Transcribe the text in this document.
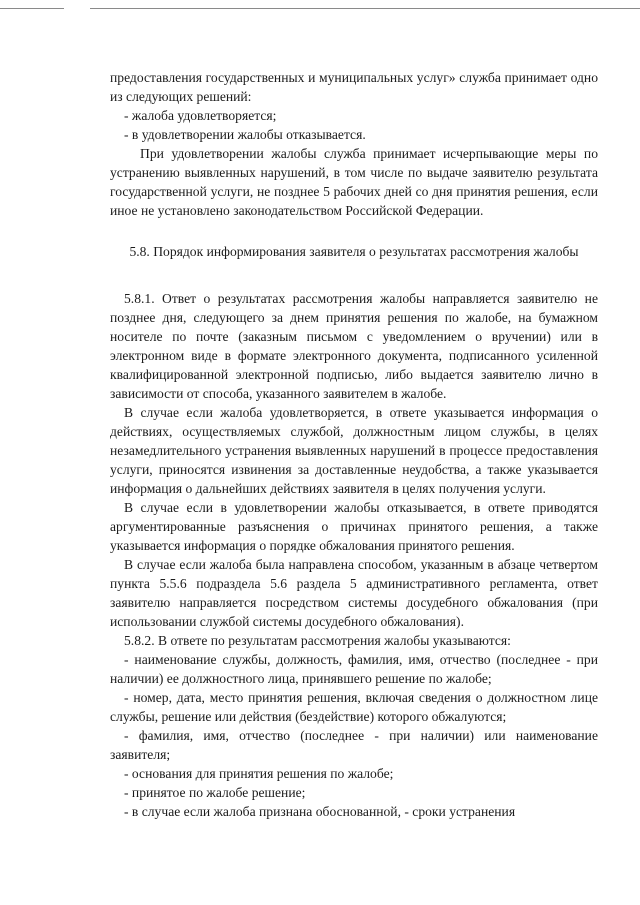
предоставления государственных и муниципальных услуг» служба принимает одно из следующих решений:

- жалоба удовлетворяется;

- в удовлетворении жалобы отказывается.

При удовлетворении жалобы служба принимает исчерпывающие меры по устранению выявленных нарушений, в том числе по выдаче заявителю результата государственной услуги, не позднее 5 рабочих дней со дня принятия решения, если иное не установлено законодательством Российской Федерации.

5.8. Порядок информирования заявителя о результатах рассмотрения жалобы

5.8.1. Ответ о результатах рассмотрения жалобы направляется заявителю не позднее дня, следующего за днем принятия решения по жалобе, на бумажном носителе по почте (заказным письмом с уведомлением о вручении) или в электронном виде в формате электронного документа, подписанного усиленной квалифицированной электронной подписью, либо выдается заявителю лично в зависимости от способа, указанного заявителем в жалобе.

В случае если жалоба удовлетворяется, в ответе указывается информация о действиях, осуществляемых службой, должностным лицом службы, в целях незамедлительного устранения выявленных нарушений в процессе предоставления услуги, приносятся извинения за доставленные неудобства, а также указывается информация о дальнейших действиях заявителя в целях получения услуги.

В случае если в удовлетворении жалобы отказывается, в ответе приводятся аргументированные разъяснения о причинах принятого решения, а также указывается информация о порядке обжалования принятого решения.

В случае если жалоба была направлена способом, указанным в абзаце четвертом пункта 5.5.6 подраздела 5.6 раздела 5 административного регламента, ответ заявителю направляется посредством системы досудебного обжалования (при использовании службой системы досудебного обжалования).

5.8.2. В ответе по результатам рассмотрения жалобы указываются:

- наименование службы, должность, фамилия, имя, отчество (последнее - при наличии) ее должностного лица, принявшего решение по жалобе;

- номер, дата, место принятия решения, включая сведения о должностном лице службы, решение или действия (бездействие) которого обжалуются;

- фамилия, имя, отчество (последнее - при наличии) или наименование заявителя;

- основания для принятия решения по жалобе;

- принятое по жалобе решение;

- в случае если жалоба признана обоснованной, - сроки устранения
